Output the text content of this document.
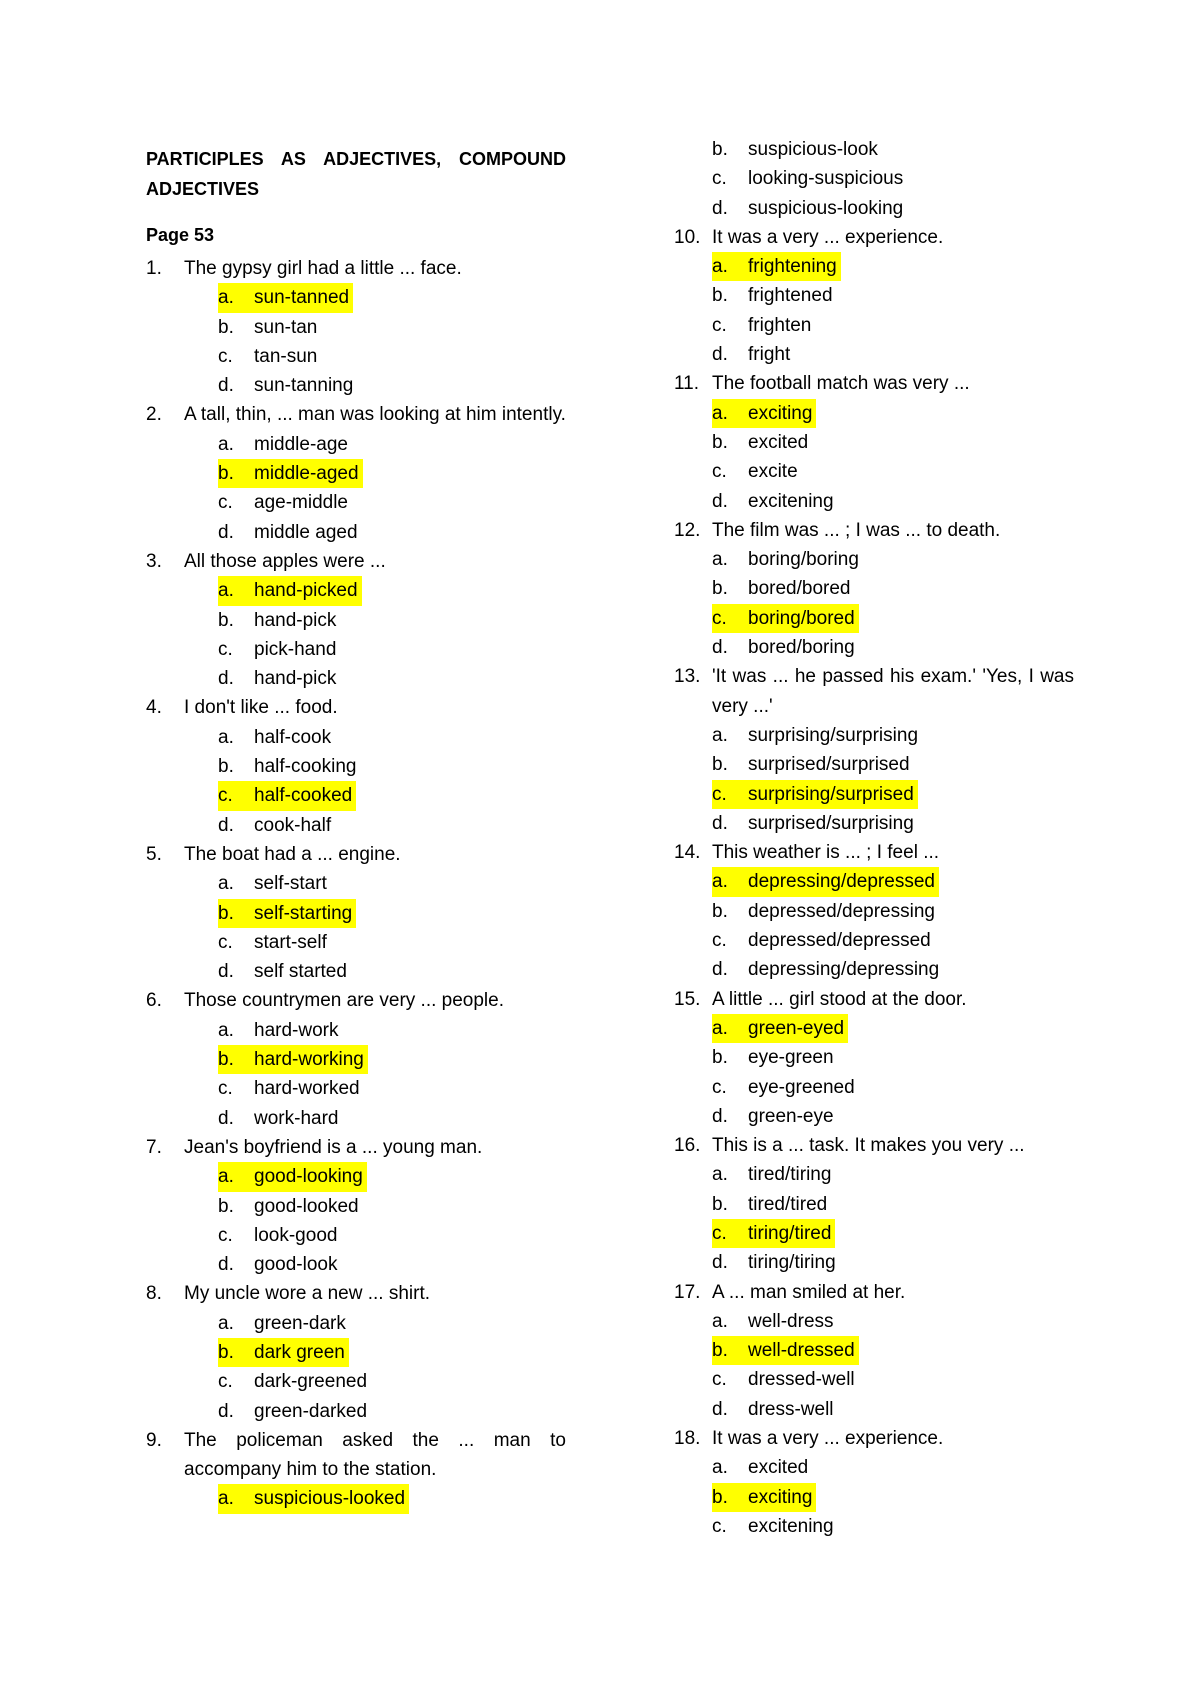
PARTICIPLES AS ADJECTIVES, COMPOUND ADJECTIVES
Page 53
1.	The gypsy girl had a little ... face.
a. sun-tanned
b. sun-tan
c. tan-sun
d. sun-tanning
2.	A tall, thin, ... man was looking at him intently.
a. middle-age
b. middle-aged
c. age-middle
d. middle aged
3.	All those apples were ...
a. hand-picked
b. hand-pick
c. pick-hand
d. hand-pick
4.	I don't like ... food.
a. half-cook
b. half-cooking
c. half-cooked
d. cook-half
5.	The boat had a ... engine.
a. self-start
b. self-starting
c. start-self
d. self started
6.	Those countrymen are very ... people.
a. hard-work
b. hard-working
c. hard-worked
d. work-hard
7.	Jean's boyfriend is a ... young man.
a. good-looking
b. good-looked
c. look-good
d. good-look
8.	My uncle wore a new ... shirt.
a. green-dark
b. dark green
c. dark-greened
d. green-darked
9.	The policeman asked the ... man to accompany him to the station.
a. suspicious-looked
b. suspicious-look
c. looking-suspicious
d. suspicious-looking
10. It was a very ... experience.
a. frightening
b. frightened
c. frighten
d. fright
11. The football match was very ...
a. exciting
b. excited
c. excite
d. excitening
12. The film was ... ; I was ... to death.
a. boring/boring
b. bored/bored
c. boring/bored
d. bored/boring
13. 'It was ... he passed his exam.' 'Yes, I was very ...'
a. surprising/surprising
b. surprised/surprised
c. surprising/surprised
d. surprised/surprising
14. This weather is ... ; I feel ...
a. depressing/depressed
b. depressed/depressing
c. depressed/depressed
d. depressing/depressing
15. A little ... girl stood at the door.
a. green-eyed
b. eye-green
c. eye-greened
d. green-eye
16. This is a ... task. It makes you very ...
a. tired/tiring
b. tired/tired
c. tiring/tired
d. tiring/tiring
17. A ... man smiled at her.
a. well-dress
b. well-dressed
c. dressed-well
d. dress-well
18. It was a very ... experience.
a. excited
b. exciting
c. excitening
